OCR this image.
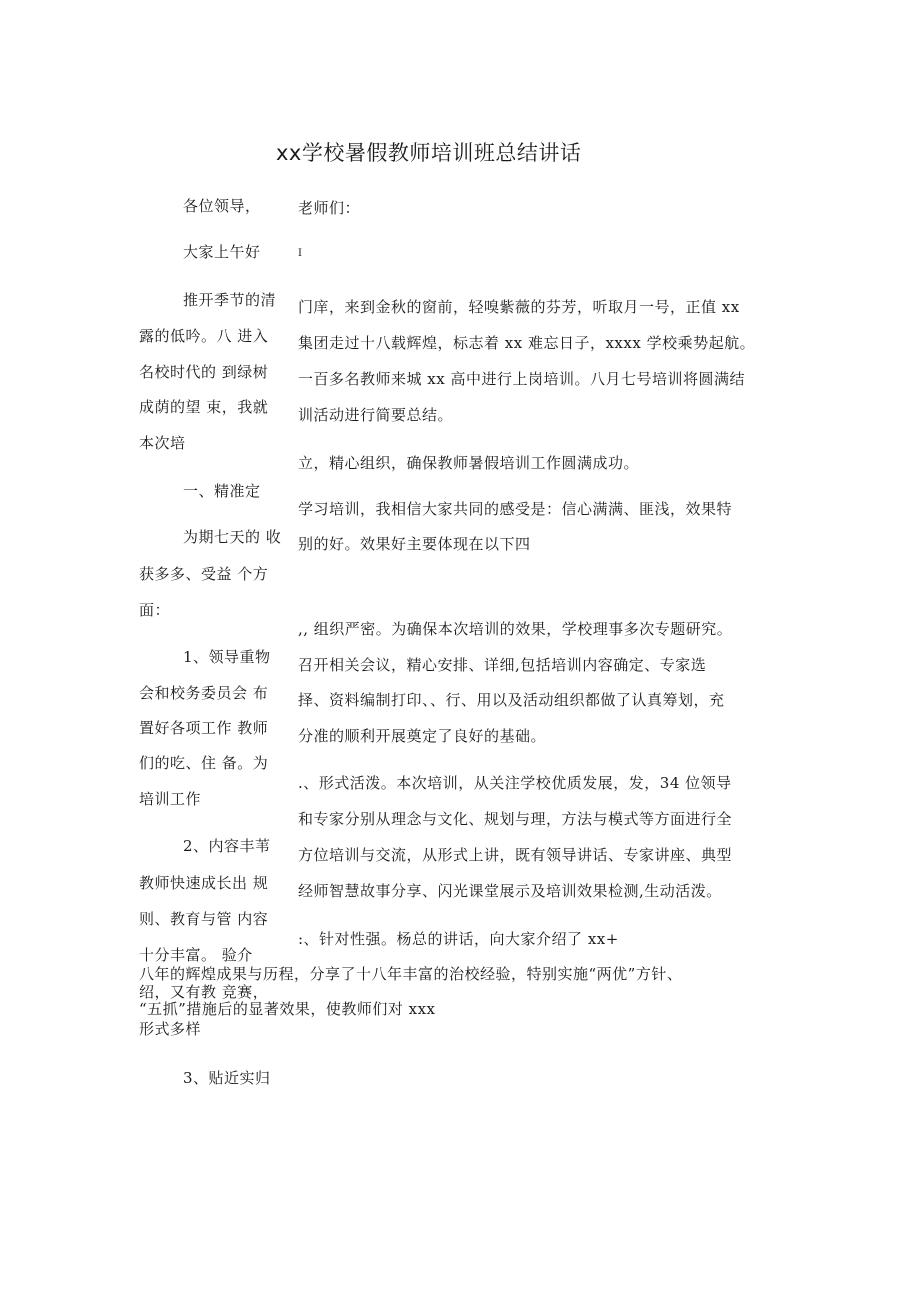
xx学校暑假教师培训班总结讲话
各位领导，
大家上午好
推开季节的清
露的低吟。八 进入
名校时代的 到绿树
成荫的望 束，我就
本次培
一、精准定
为期七天的 收
获多多、受益 个方
面：
1、领导重物
会和校务委员会 布
置好各项工作 教师
们的吃、住 备。为
培训工作
2、内容丰苇
教师快速成长出 规
则、教育与管 内容
十分丰富。 验介
绍，又有教 竞赛，
形式多样
3、贴近实归
老师们：
I
门庠，来到金秋的窗前，轻嗅紫薇的芬芳，听取月一号，正值 xx
集团走过十八载辉煌，标志着 xx 难忘日子，xxxx 学校乘势起航。
一百多名教师来城 xx 高中进行上岗培训。八月七号培训将圆满结
训活动进行简要总结。
立，精心组织，确保教师暑假培训工作圆满成功。
学习培训，我相信大家共同的感受是：信心满满、匪浅，效果特
别的好。效果好主要体现在以下四
,, 组织严密。为确保本次培训的效果，学校理事多次专题研究。
召开相关会议，精心安排、详细,包括培训内容确定、专家选
择、资料编制打印、、行、用以及活动组织都做了认真筹划，充
分准的顺利开展奠定了良好的基础。
.、形式活泼。本次培训，从关注学校优质发展，发，34 位领导
和专家分别从理念与文化、规划与理，方法与模式等方面进行全
方位培训与交流，从形式上讲，既有领导讲话、专家讲座、典型
经师智慧故事分享、闪光课堂展示及培训效果检测,生动活泼。
:、针对性强。杨总的讲话，向大家介绍了 xx+
八年的辉煌成果与历程，分享了十八年丰富的治校经验，特别实施“两优”方针、
“五抓”措施后的显著效果，使教师们对 xxx
